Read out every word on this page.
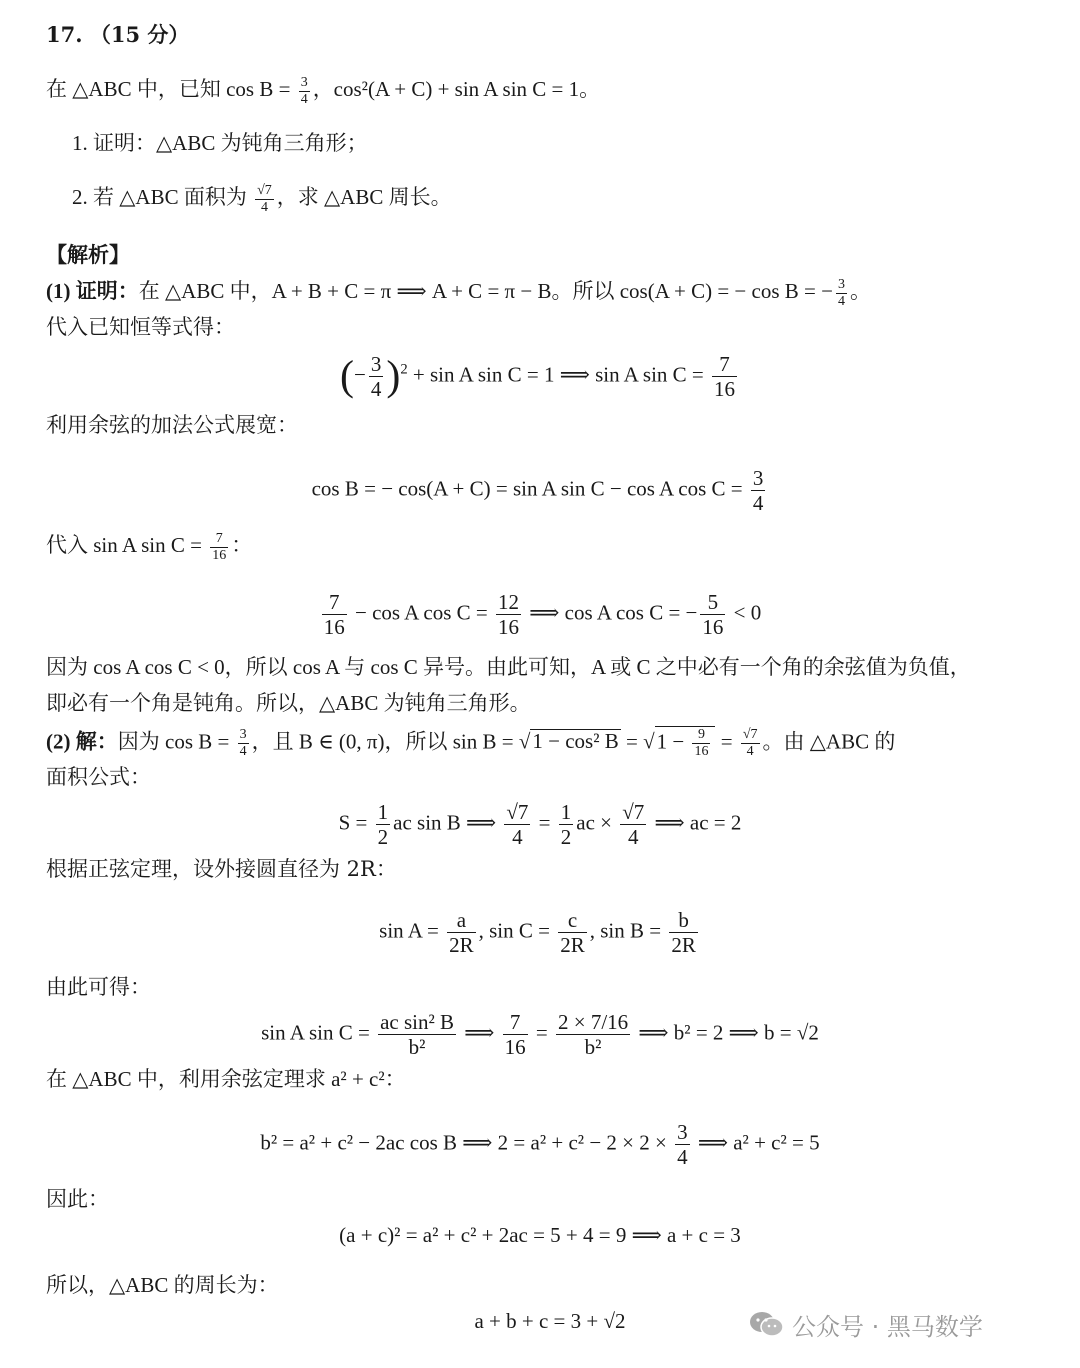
17. （15 分）
在 △ABC 中，已知 $\cos B = \frac{3}{4}$ ，cos²(A + C) + sin A sin C = 1。
1. 证明：△ABC 为钝角三角形；
2. 若 △ABC 面积为 $\frac{√7}{4}$ ，求 △ABC 周长。
【解析】
(1) 证明：在 △ABC 中，A + B + C = π ⟹ A + C = π − B。所以 cos(A + C) = − cos B = − $\frac{3}{4}$ 。
代入已知恒等式得：
(− $\frac{3}{4} )^2 + \sin A$ sin C = 1 ⟹ sin A $\sin C = \frac{7}{16}$
利用余弦的加法公式展宽：
cos B = − cos(A + C) = sin A sin C − cos A $\cos C = \frac{3}{4}$
代入 sin A $\sin C = \frac{7}{16}$ ：
$\frac{7}{16} - \cos A$ $\cos C = \frac{12}{16}$ ⟹ cos A cos C = − $\frac{5}{16} < 0$
因为 cos A cos C < 0，所以 cos A 与 cos C 异号。由此可知，A 或 C 之中必有一个角的余弦值为负值，
即必有一个角是钝角。所以，△ABC 为钝角三角形。
(2) 解：因为 $\cos B = \frac{3}{4}$ ，且 B ∈ (0, π)，所以 sin B = √1 − cos² $B = √1 - \frac{9}{16} = \frac{√7}{4}$ 。由 △ABC 的
面积公式：
$S = \frac{1}{2}$ ac sin B ⟹ $\frac{√7}{4} = \frac{1}{2}$ ac × $\frac{√7}{4}$ ⟹ ac = 2
根据正弦定理，设外接圆直径为 2R：
$\sin A = \frac{a}{2R}$ , $\sin C = \frac{c}{2R}$ , $\sin B = \frac{b}{2R}$
由此可得：
sin A $\sin C = \frac{\text{ac sin² B}}{\text{b²}}$ ⟹ $\frac{7}{16} = \frac{2 \times 7/16}{\text{b²}}$ ⟹ b² = 2 ⟹ b = √2
在 △ABC 中，利用余弦定理求 a² + c²：
b² = a² + c² − 2ac cos B ⟹ $2 = a^2 + c^2 - 2 \times 2 \times \frac{3}{4}$ ⟹ a² + c² = 5
因此：
(a + c)² = a² + c² + 2ac = 5 + 4 = 9 ⟹ a + c = 3
所以，△ABC 的周长为：
a + b + c = 3 + √2	公众号 · 黑马数学
